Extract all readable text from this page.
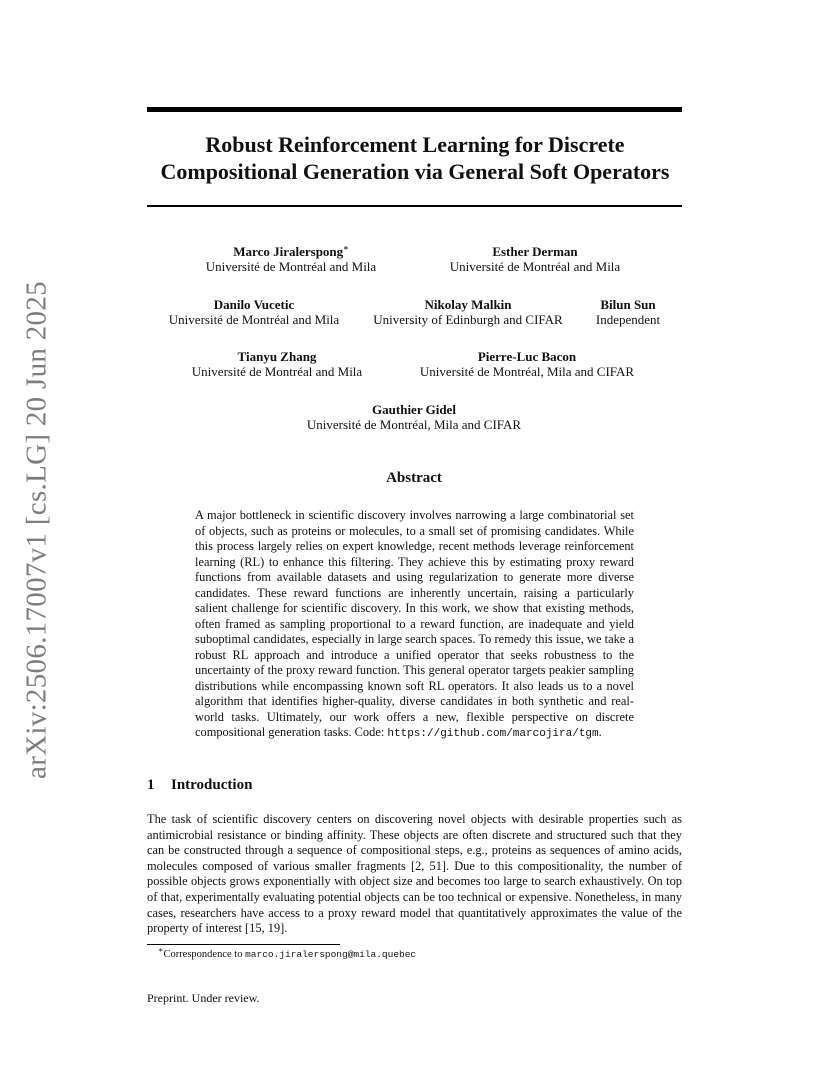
arXiv:2506.17007v1 [cs.LG] 20 Jun 2025
Robust Reinforcement Learning for Discrete
Compositional Generation via General Soft Operators
Marco Jiralerspong∗
Université de Montréal and Mila
Esther Derman
Université de Montréal and Mila
Danilo Vucetic
Université de Montréal and Mila
Nikolay Malkin
University of Edinburgh and CIFAR
Bilun Sun
Independent
Tianyu Zhang
Université de Montréal and Mila
Pierre-Luc Bacon
Université de Montréal, Mila and CIFAR
Gauthier Gidel
Université de Montréal, Mila and CIFAR
Abstract
A major bottleneck in scientific discovery involves narrowing a large combinatorial set of objects, such as proteins or molecules, to a small set of promising candidates. While this process largely relies on expert knowledge, recent methods leverage reinforcement learning (RL) to enhance this filtering. They achieve this by estimating proxy reward functions from available datasets and using regularization to generate more diverse candidates. These reward functions are inherently uncertain, raising a particularly salient challenge for scientific discovery. In this work, we show that existing methods, often framed as sampling proportional to a reward function, are inadequate and yield suboptimal candidates, especially in large search spaces. To remedy this issue, we take a robust RL approach and introduce a unified operator that seeks robustness to the uncertainty of the proxy reward function. This general operator targets peakier sampling distributions while encompassing known soft RL operators. It also leads us to a novel algorithm that identifies higher-quality, diverse candidates in both synthetic and real-world tasks. Ultimately, our work offers a new, flexible perspective on discrete compositional generation tasks. Code: https://github.com/marcojira/tgm.
1 Introduction
The task of scientific discovery centers on discovering novel objects with desirable properties such as antimicrobial resistance or binding affinity. These objects are often discrete and structured such that they can be constructed through a sequence of compositional steps, e.g., proteins as sequences of amino acids, molecules composed of various smaller fragments [2, 51]. Due to this compositionality, the number of possible objects grows exponentially with object size and becomes too large to search exhaustively. On top of that, experimentally evaluating potential objects can be too technical or expensive. Nonetheless, in many cases, researchers have access to a proxy reward model that quantitatively approximates the value of the property of interest [15, 19].
∗Correspondence to marco.jiralerspong@mila.quebec
Preprint. Under review.
